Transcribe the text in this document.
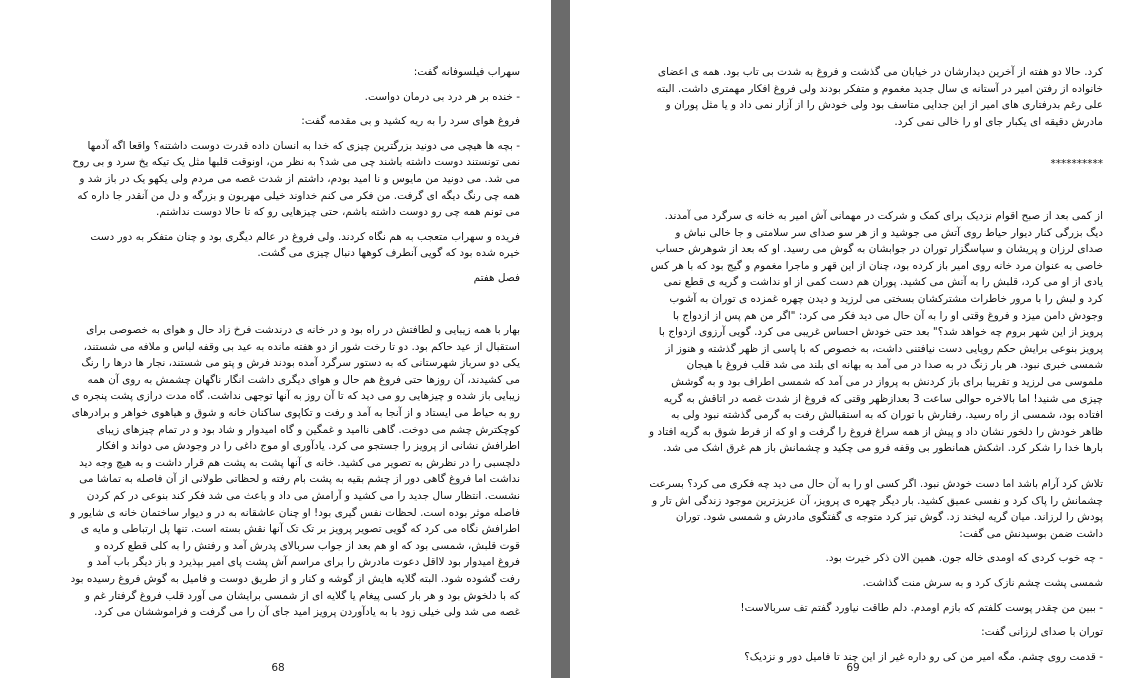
سهراب فیلسوفانه گفت:

- خنده بر هر درد بی درمان دواست.

فروغ هوای سرد را به ریه کشید و بی مقدمه گفت:

- بچه ها هیچی می دونید بزرگترین چیزی که خدا به انسان داده قدرت دوست داشتنه؟ واقعا اگه آدمها نمی تونستند دوست داشته باشند چی می شد؟ به نظر من، اونوقت قلبها مثل یک تیکه یخ سرد و بی روح می شد. می دونید من مایوس و نا امید بودم، داشتم از شدت غصه می مردم ولی یکهو یک در باز شد و همه چی رنگ دیگه ای گرفت. من فکر می کنم خداوند خیلی مهربون و بزرگه و دل من آنقدر جا داره که می تونم همه چی رو دوست داشته باشم، حتی چیزهایی رو که تا حالا دوست نداشتم.

فریده و سهراب متعجب به هم نگاه کردند. ولی فروغ در عالم دیگری بود و چنان متفکر به دور دست خیره شده بود که گویی آنطرف کوهها دنبال چیزی می گشت.

فصل هفتم

بهار با همه زیبایی و لطافتش در راه بود و در خانه ی درندشت فرخ زاد حال و هوای به خصوصی برای استقبال از عید حاکم بود. دو تا رخت شور از دو هفته مانده به عید بی وقفه لباس و ملافه می شستند، یکی دو سرباز شهرستانی که به دستور سرگرد آمده بودند فرش و پتو می شستند، نجار ها درها را رنگ می کشیدند، آن روزها حتی فروغ هم حال و هوای دیگری داشت انگار ناگهان چشمش به روی آن همه زیبایی باز شده و چیزهایی رو می دید که تا آن روز به آنها توجهی نداشت. گاه مدت درازی پشت پنجره ی رو به حیاط می ایستاد و از آنجا به آمد و رفت و تکاپوی ساکنان خانه و شوق و هیاهوی خواهر و برادرهای کوچکترش چشم می دوخت. گاهی ناامید و غمگین و گاه امیدوار و شاد بود و در تمام چیزهای زیبای اطرافش نشانی از پرویز را جستجو می کرد. یادآوری او موج داغی را در وجودش می دواند و افکار دلچسبی را در نظرش به تصویر می کشید. خانه ی آنها پشت به پشت هم قرار داشت و به هیچ وجه دید نداشت اما فروغ گاهی دور از چشم بقیه به پشت بام رفته و لحظاتی طولانی از آن فاصله به تماشا می نشست. انتظار سال جدید را می کشید و آرامش می داد و باعث می شد فکر کند بنوعی در کم کردن فاصله موثر بوده است. لحظات نفس گیری بود! او چنان عاشقانه به در و دیوار ساختمان خانه ی شایور و اطرافش نگاه می کرد که گویی تصویر پرویز بر تک تک آنها نقش بسته است. تنها پل ارتباطی و مایه ی قوت قلبش، شمسی بود که او هم بعد از جواب سربالای پدرش آمد و رفتش را به کلی قطع کرده و فروغ امیدوار بود لااقل دعوت مادرش را برای مراسم آش پشت پای امیر بپذیرد و باز دیگر باب آمد و رفت گشوده شود. البته گلایه هایش از گوشه و کنار و از طریق دوست و فامیل به گوش فروغ رسیده بود که با دلخوش بود و هر بار کسی پیغام یا گلایه ای از شمسی برایشان می آورد قلب فروغ گرفتار غم و غصه می شد ولی خیلی زود با به یادآوردن پرویز امید جای آن را می گرفت و فراموششان می کرد.

68

کرد. حالا دو هفته از آخرین دیدارشان در خیابان می گذشت و فروغ به شدت بی تاب بود. همه ی اعضای خانواده از رفتن امیر در آستانه ی سال جدید مغموم و متفکر بودند ولی فروغ افکار مهمتری داشت. البته علی رغم بدرفتاری های امیر از این جدایی متاسف بود ولی خودش را از آزار نمی داد و یا مثل پوران و مادرش دقیقه ای یکبار جای او را خالی نمی کرد.

**********

از کمی بعد از صبح اقوام نزدیک برای کمک و شرکت در مهمانی آش امیر به خانه ی سرگرد می آمدند. دیگ بزرگی کنار دیوار حیاط روی آتش می جوشید و از هر سو صدای سر سلامتی و جا خالی نباش و صدای لرزان و پریشان و سپاسگزار توران در جوابشان به گوش می رسید. او که بعد از شوهرش حساب خاصی به عنوان مرد خانه روی امیر باز کرده بود، چنان از این قهر و ماجرا مغموم و گیج بود که با هر کس یادی از او می کرد، قلبش را به آتش می کشید. پوران هم دست کمی از او نداشت و گریه ی قطع نمی کرد و لبش را با مرور خاطرات مشترکشان بسختی می لرزید و دیدن چهره غمزده ی توران به آشوب وجودش دامن میزد و فروغ وقتی او را به آن حال می دید فکر می کرد: "اگر من هم پس از ازدواج با پرویز از این شهر بروم چه خواهد شد؟" بعد حتی خودش احساس غریبی می کرد. گویی آرزوی ازدواج با پرویز بنوعی برایش حکم رویایی دست نیافتنی داشت، به خصوص که با پاسی از ظهر گذشته و هنوز از شمسی خبری نبود. هر بار زنگ در به صدا در می آمد به بهانه ای بلند می شد قلب فروغ با هیجان ملموسی می لرزید و تقریبا برای باز کردنش به پرواز در می آمد که شمسی اطراف بود و به گوشش چیزی می شنید! اما بالاخره حوالی ساعت 3 بعدازظهر وقتی که فروغ از شدت غصه در اتاقش به گریه افتاده بود، شمسی از راه رسید. رفتارش با توران که به استقبالش رفت به گرمی گذشته نبود ولی به ظاهر خودش را دلخور نشان داد و پیش از همه سراغ فروغ را گرفت و او که از فرط شوق به گریه افتاد و بارها خدا را شکر کرد. اشکش همانطور بی وقفه فرو می چکید و چشمانش باز هم غرق اشک می شد.

تلاش کرد آرام باشد اما دست خودش نبود. اگر کسی او را به آن حال می دید چه فکری می کرد؟ بسرعت چشمانش را پاک کرد و نفسی عمیق کشید. بار دیگر چهره ی پرویز، آن عزیزترین موجود زندگی اش تار و پودش را لرزاند. میان گریه لبخند زد. گوش تیز کرد متوجه ی گفتگوی مادرش و شمسی شود. توران داشت ضمن بوسیدنش می گفت:

- چه خوب کردی که اومدی خاله جون. همین الان ذکر خیرت بود.

شمسی پشت چشم نازک کرد و به سرش منت گذاشت.

- ببین من چقدر پوست کلفتم که بازم اومدم. دلم طاقت نیاورد گفتم تف سربالاست!

توران با صدای لرزانی گفت:

- قدمت روی چشم. مگه امیر من کی رو داره غیر از این چند تا فامیل دور و نزدیک؟

69
